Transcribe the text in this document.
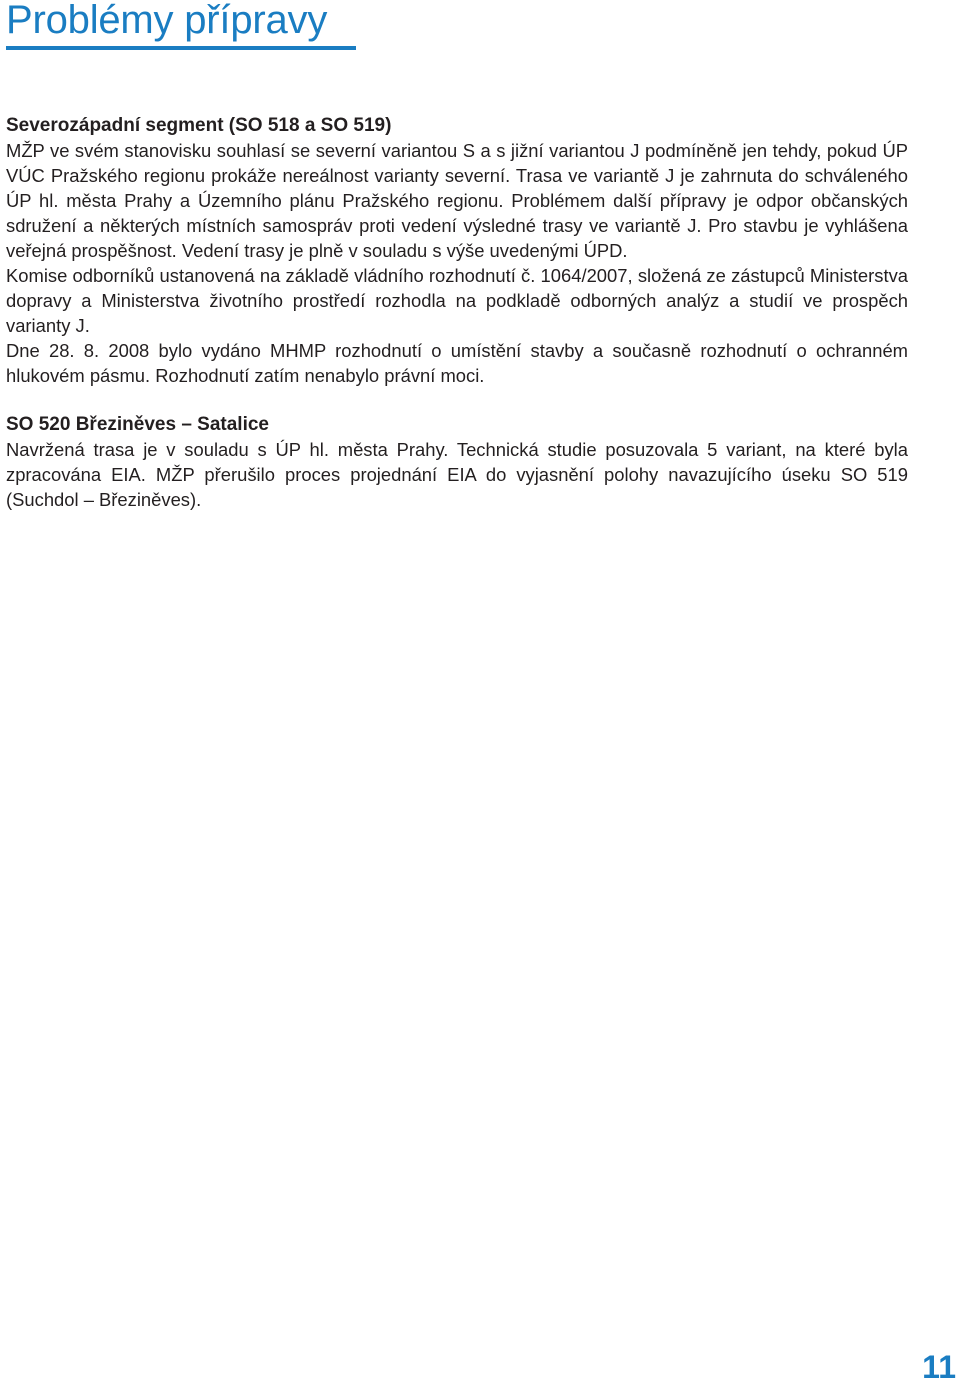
Problémy přípravy
Severozápadní segment (SO 518 a SO 519)

MŽP ve svém stanovisku souhlasí se severní variantou S a s jižní variantou J podmíněně jen tehdy, pokud ÚP VÚC Pražského regionu prokáže nereálnost varianty severní. Trasa ve variantě J je zahrnuta do schváleného ÚP hl. města Prahy a Územního plánu Pražského regionu. Problémem další přípravy je odpor občanských sdružení a některých místních samospráv proti vedení výsledné trasy ve variantě J. Pro stavbu je vyhlášena veřejná prospěšnost. Vedení trasy je plně v souladu s výše uvedenými ÚPD.

Komise odborníků ustanovená na základě vládního rozhodnutí č. 1064/2007, složená ze zástupců Ministerstva dopravy a Ministerstva životního prostředí rozhodla na podkladě odborných analýz a studií ve prospěch varianty J.

Dne 28. 8. 2008 bylo vydáno MHMP rozhodnutí o umístění stavby a současně rozhodnutí o ochranném hlukovém pásmu. Rozhodnutí zatím nenabylo právní moci.

SO 520 Březiněves – Satalice

Navržená trasa je v souladu s ÚP hl. města Prahy. Technická studie posuzovala 5 variant, na které byla zpracována EIA. MŽP přerušilo proces projednání EIA do vyjasnění polohy navazujícího úseku SO 519 (Suchdol – Březiněves).

11
